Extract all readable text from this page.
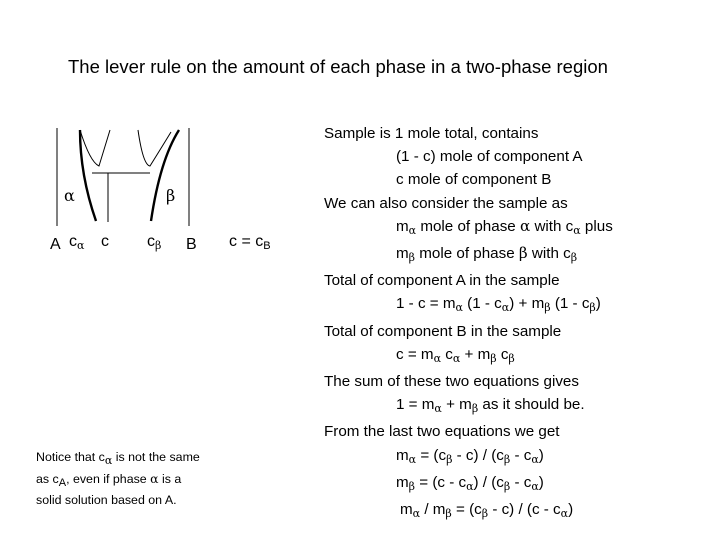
The lever rule on the amount of each phase in a two-phase region
α	β
A $c_\alpha$ c $c_\beta$ B $c = c_B$
Notice that cα is not the same
as cA, even if phase α is a
solid solution based on A.
Sample is 1 mole total, contains
(1 - c) mole of component A
c mole of component B
We can also consider the sample as
$m_\alpha$ mole of phase α with $c_\alpha$ plus
$m_\beta$ mole of phase β with $c_\beta$
Total of component A in the sample
$1 - c = m_\alpha$ $(1 - c_\alpha) + m_\beta$ $(1 - c_\beta)$
Total of component B in the sample
$c = m_\alpha$ $c_\alpha + m_\beta$ $c_\beta$
The sum of these two equations gives
$1 = m_\alpha + m_\beta$ as it should be.
From the last two equations we get
$m_\alpha = (c_\beta - c) / (c_\beta - c_\alpha)$
$m_\beta = (c - c_\alpha) / (c_\beta - c_\alpha)$
$m_\alpha / m_\beta = (c_\beta - c) / (c - c_\alpha)$
